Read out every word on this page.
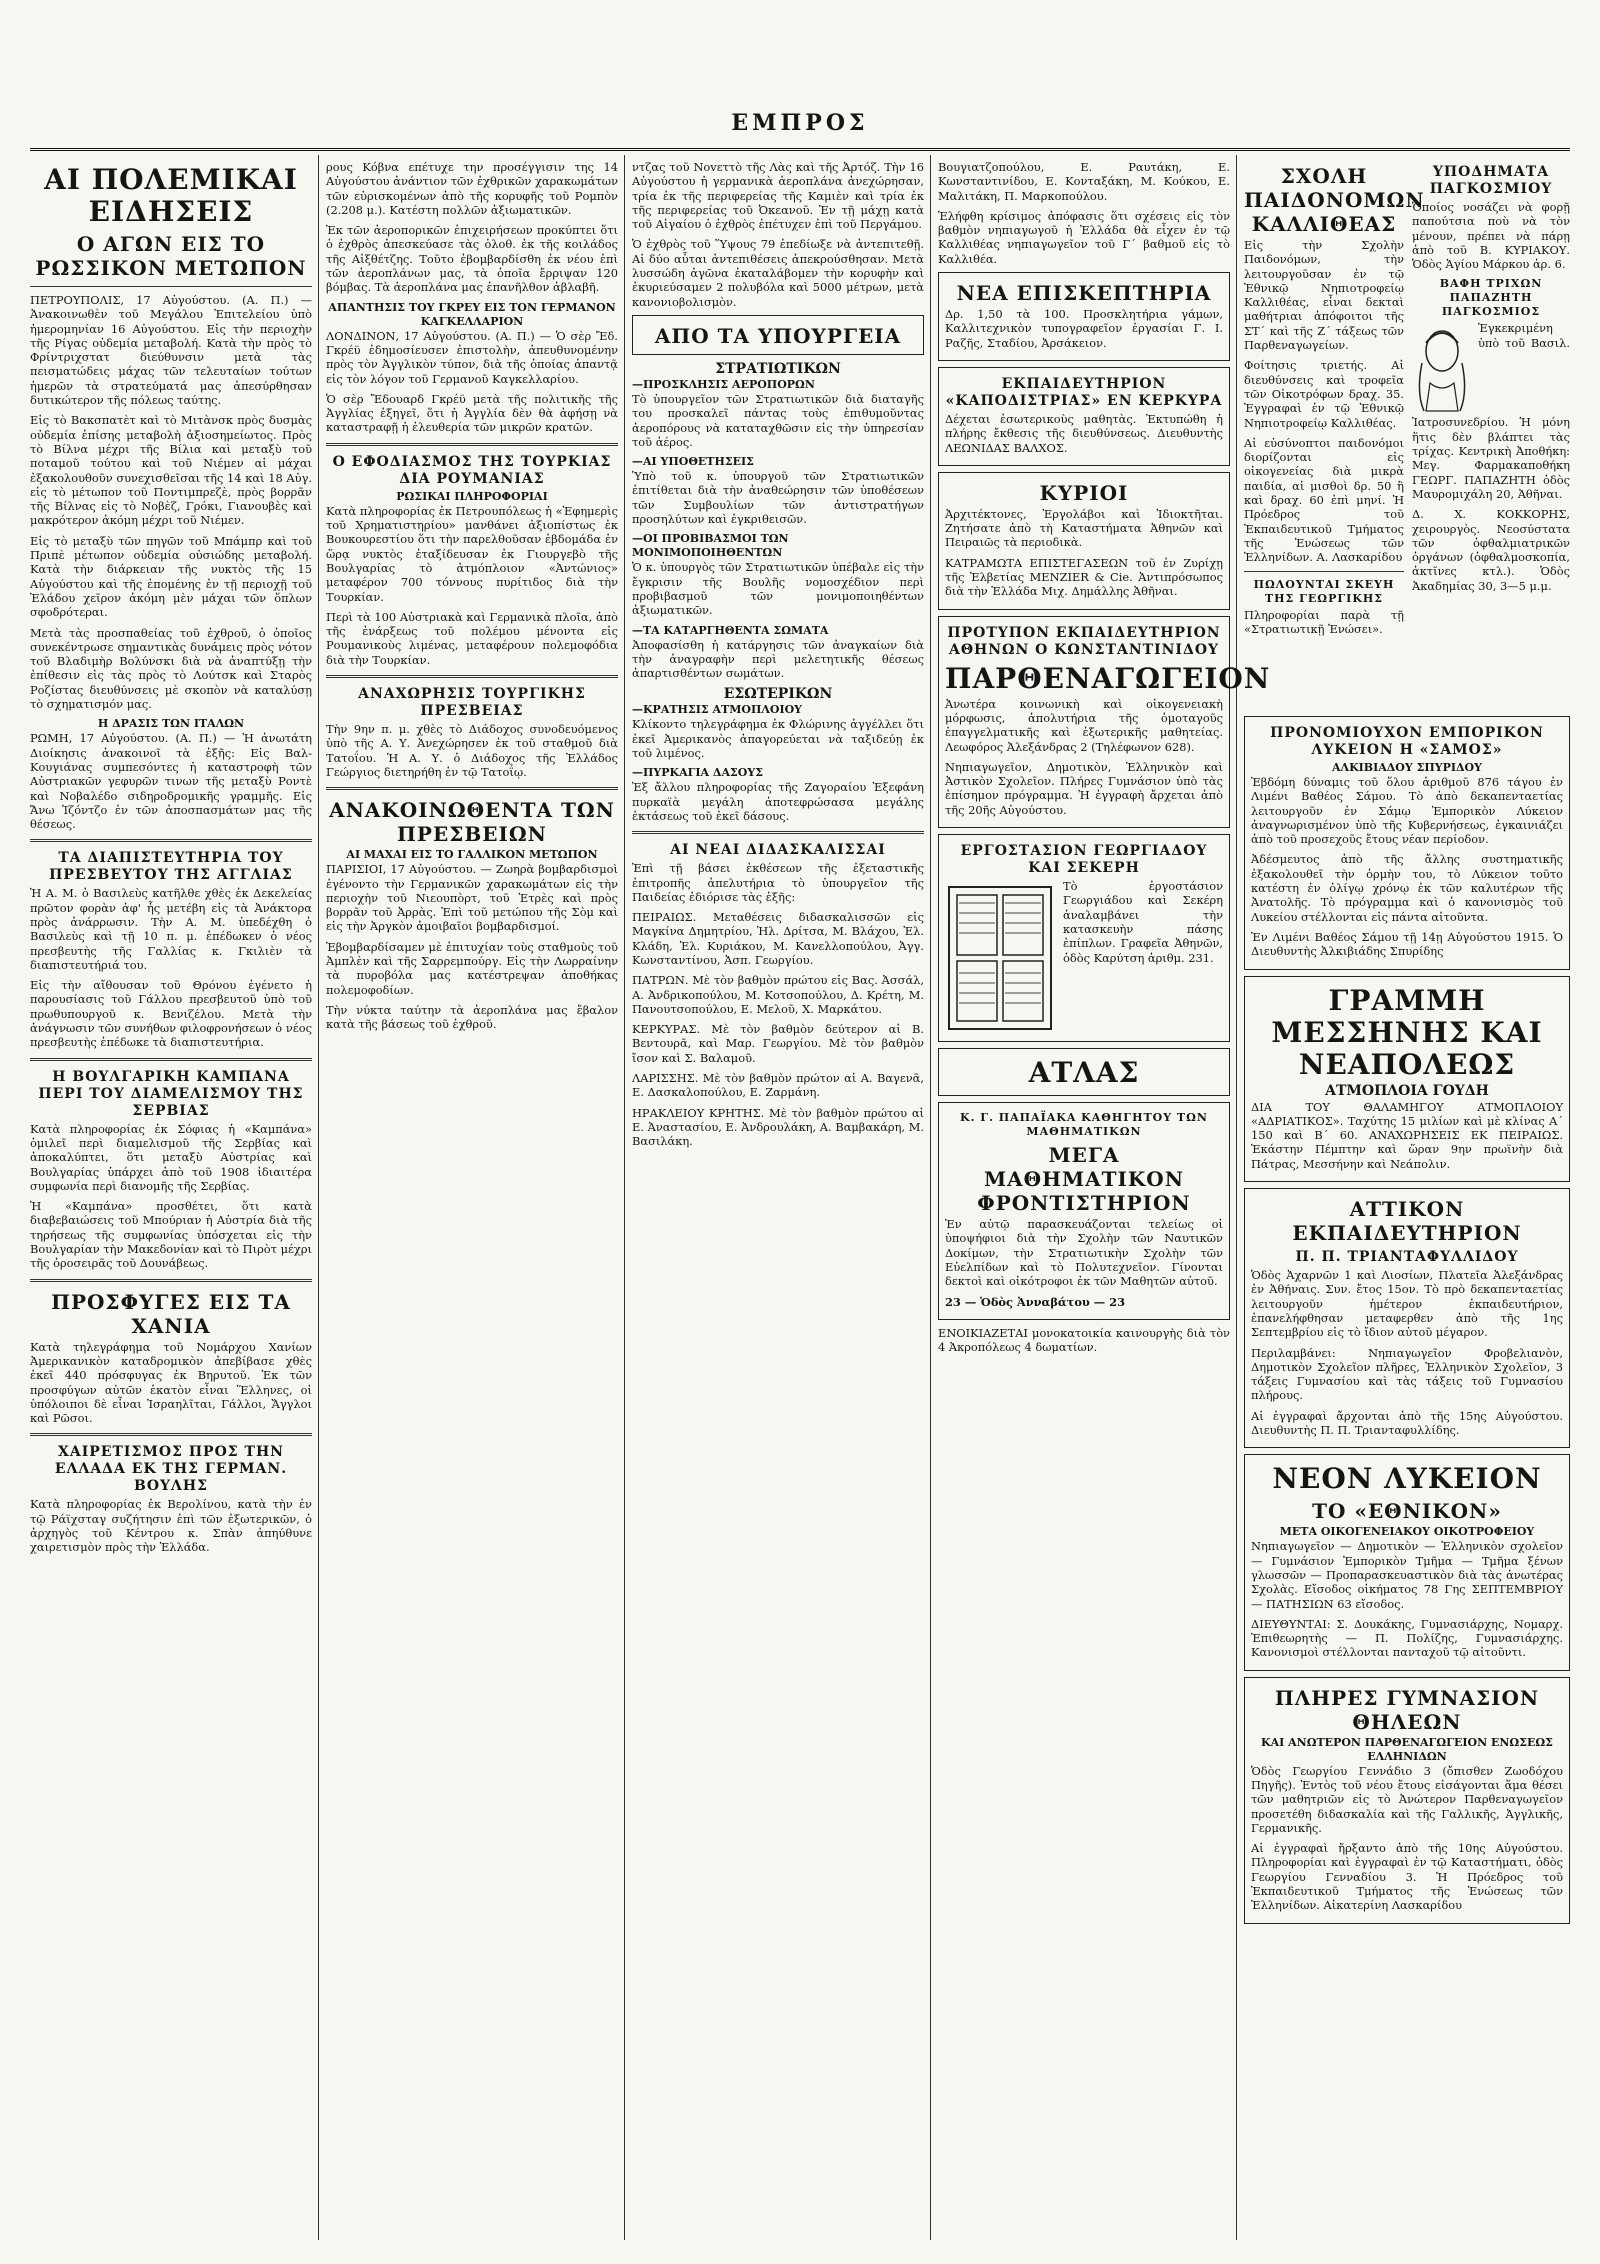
ΕΜΠΡΟΣ
ΑΙ ΠΟΛΕΜΙΚΑΙ ΕΙΔΗΣΕΙΣ
Ο ΑΓΩΝ ΕΙΣ ΤΟ ΡΩΣΣΙΚΟΝ ΜΕΤΩΠΟΝ

ΠΕΤΡΟΥΠΟΛΙΣ, 17 Αὐγούστου. (Α. Π.) — Ἀνακοινωθὲν τοῦ Μεγάλου Ἐπιτελείου ὑπὸ ἡμερομηνίαν 16 Αὐγούστου. Εἰς τὴν περιοχὴν τῆς Ρίγας οὐδεμία μεταβολή. Κατὰ τὴν πρὸς τὸ Φρίντριχστατ διεύθυνσιν μετὰ τὰς πεισματώδεις μάχας τῶν τελευταίων τούτων ἡμερῶν τὰ στρατεύματά μας ἀπεσύρθησαν δυτικώτερον τῆς πόλεως ταύτης.

Εἰς τὸ Βακσπατὲτ καὶ τὸ Μιτὰνσκ πρὸς δυσμὰς οὐδεμία ἐπίσης μεταβολὴ ἀξιοσημείωτος. Πρὸς τὸ Βίλνα μέχρι τῆς Βίλια καὶ μεταξὺ τοῦ ποταμοῦ τούτου καὶ τοῦ Νιέμεν αἱ μάχαι ἐξακολουθοῦν συνεχισθεῖσαι τῆς 14 καὶ 18 Αὐγ. εἰς τὸ μέτωπον τοῦ Ποντιμπρεζὲ, πρὸς βορρᾶν τῆς Βίλνας εἰς τὸ Νοβὲζ, Γρόκι, Γιανουβὲς καὶ μακρότερον ἀκόμη μέχρι τοῦ Νιέμεν.

Εἰς τὸ μεταξὺ τῶν πηγῶν τοῦ Μπάμπρ καὶ τοῦ Πριπὲ μέτωπον οὐδεμία οὐσιώδης μεταβολή. Κατὰ τὴν διάρκειαν τῆς νυκτὸς τῆς 15 Αὐγούστου καὶ τῆς ἐπομένης ἐν τῇ περιοχῇ τοῦ Ἐλάδου χεῖρον ἀκόμη μὲν μάχαι τῶν ὅπλων σφοδρότεραι.

Μετὰ τὰς προσπαθείας τοῦ ἐχθροῦ, ὁ ὁποῖος συνεκέντρωσε σημαντικὰς δυνάμεις πρὸς νότον τοῦ Βλαδιμὴρ Βολύνσκι διὰ νὰ ἀναπτύξῃ τὴν ἐπίθεσιν εἰς τὰς πρὸς τὸ Λούτσκ καὶ Σταρὸς Ροζίστας διευθύνσεις μὲ σκοπὸν νὰ καταλύσῃ τὸ σχηματισμόν μας.

Η ΔΡΑΣΙΣ ΤΩΝ ΙΤΑΛΩΝ

ΡΩΜΗ, 17 Αὐγούστου. (Α. Π.) — Ἡ ἀνωτάτη Διοίκησις ἀνακοινοῖ τὰ ἑξῆς: Εἰς Βαλ-Κουγιάνας συμπεσόντες ἡ καταστροφὴ τῶν Αὐστριακῶν γεφυρῶν τινων τῆς μεταξὺ Ροντὲ καὶ Νοβαλέδο σιδηροδρομικῆς γραμμῆς. Εἰς Ἄνω Ἰζόντζο ἐν τῶν ἀποσπασμάτων μας τῆς θέσεως.

ΤΑ ΔΙΑΠΙΣΤΕΥΤΗΡΙΑ ΤΟΥ ΠΡΕΣΒΕΥΤΟΥ ΤΗΣ ΑΓΓΛΙΑΣ

Ἡ Α. Μ. ὁ Βασιλεὺς κατῆλθε χθὲς ἐκ Δεκελείας πρῶτον φορὰν ἀφ' ἧς μετέβη εἰς τὰ Ἀνάκτορα πρὸς ἀνάρρωσιν. Τὴν Α. Μ. ὑπεδέχθη ὁ Βασιλεὺς καὶ τῇ 10 π. μ. ἐπέδωκεν ὁ νέος πρεσβευτὴς τῆς Γαλλίας κ. Γκιλιὲν τὰ διαπιστευτήριά του.

Εἰς τὴν αἴθουσαν τοῦ Θρόνου ἐγένετο ἡ παρουσίασις τοῦ Γάλλου πρεσβευτοῦ ὑπὸ τοῦ πρωθυπουργοῦ κ. Βενιζέλου. Μετὰ τὴν ἀνάγνωσιν τῶν συνήθων φιλοφρονήσεων ὁ νέος πρεσβευτὴς ἐπέδωκε τὰ διαπιστευτήρια.

Η ΒΟΥΛΓΑΡΙΚΗ ΚΑΜΠΑΝΑ ΠΕΡΙ ΤΟΥ ΔΙΑΜΕΛΙΣΜΟΥ ΤΗΣ ΣΕΡΒΙΑΣ

Κατὰ πληροφορίας ἐκ Σόφιας ἡ «Καμπάνα» ὁμιλεῖ περὶ διαμελισμοῦ τῆς Σερβίας καὶ ἀποκαλύπτει, ὅτι μεταξὺ Αὐστρίας καὶ Βουλγαρίας ὑπάρχει ἀπὸ τοῦ 1908 ἰδιαιτέρα συμφωνία περὶ διανομῆς τῆς Σερβίας.

Ἡ «Καμπάνα» προσθέτει, ὅτι κατὰ διαβεβαιώσεις τοῦ Μπούριαν ἡ Αὐστρία διὰ τῆς τηρήσεως τῆς συμφωνίας ὑπόσχεται εἰς τὴν Βουλγαρίαν τὴν Μακεδονίαν καὶ τὸ Πιρὸτ μέχρι τῆς ὀροσειρᾶς τοῦ Δουνάβεως.

ΠΡΟΣΦΥΓΕΣ ΕΙΣ ΤΑ ΧΑΝΙΑ

Κατὰ τηλεγράφημα τοῦ Νομάρχου Χανίων Ἀμερικανικὸν καταδρομικὸν ἀπεβίβασε χθὲς ἐκεῖ 440 πρόσφυγας ἐκ Βηρυτοῦ. Ἐκ τῶν προσφύγων αὐτῶν ἑκατὸν εἶναι Ἕλληνες, οἱ ὑπόλοιποι δὲ εἶναι Ἰσραηλῖται, Γάλλοι, Ἄγγλοι καὶ Ρῶσοι.

ΧΑΙΡΕΤΙΣΜΟΣ ΠΡΟΣ ΤΗΝ ΕΛΛΑΔΑ ΕΚ ΤΗΣ ΓΕΡΜΑΝ. ΒΟΥΛΗΣ

Κατὰ πληροφορίας ἐκ Βερολίνου, κατὰ τὴν ἐν τῷ Ράϊχσταγ συζήτησιν ἐπὶ τῶν ἐξωτερικῶν, ὁ ἀρχηγὸς τοῦ Κέντρου κ. Σπὰν ἀπηύθυνε χαιρετισμὸν πρὸς τὴν Ἑλλάδα.

ρους Κόβνα επέτυχε την προσέγγισιν της 14 Αὐγούστου ἀνάντιον τῶν ἐχθρικῶν χαρακωμάτων τῶν εὑρισκομένων ἀπὸ τῆς κορυφῆς τοῦ Ρομπὸν (2.208 μ.). Κατέστη πολλῶν ἀξιωματικῶν.

Ἐκ τῶν ἀεροπορικῶν ἐπιχειρήσεων προκύπτει ὅτι ὁ ἐχθρὸς ἀπεσκεύασε τὰς ὁλοθ. ἐκ τῆς κοιλάδος τῆς Αἰξθέτζης. Τοῦτο ἐβομβαρδίσθη ἐκ νέου ἐπὶ τῶν ἀεροπλάνων μας, τὰ ὁποῖα ἔρριψαν 120 βόμβας. Τὰ ἀεροπλάνα μας ἐπανῆλθον ἀβλαβῆ.

ΑΠΑΝΤΗΣΙΣ ΤΟΥ ΓΚΡΕΥ ΕΙΣ ΤΟΝ ΓΕΡΜΑΝΟΝ ΚΑΓΚΕΛΛΑΡΙΟΝ

ΛΟΝΔΙΝΟΝ, 17 Αὐγούστου. (Α. Π.) — Ὁ σὲρ Ἔδ. Γκρέϋ ἐδημοσίευσεν ἐπιστολὴν, ἀπευθυνομένην πρὸς τὸν Ἀγγλικὸν τύπον, διὰ τῆς ὁποίας ἀπαντᾷ εἰς τὸν λόγον τοῦ Γερμανοῦ Καγκελλαρίου.

Ὁ σὲρ Ἔδουαρδ Γκρέϋ μετὰ τῆς πολιτικῆς τῆς Ἀγγλίας ἐξηγεῖ, ὅτι ἡ Ἀγγλία δὲν θὰ ἀφήσῃ νὰ καταστραφῇ ἡ ἐλευθερία τῶν μικρῶν κρατῶν.

Ο ΕΦΟΔΙΑΣΜΟΣ ΤΗΣ ΤΟΥΡΚΙΑΣ ΔΙΑ ΡΟΥΜΑΝΙΑΣ
ΡΩΣΙΚΑΙ ΠΛΗΡΟΦΟΡΙΑΙ

Κατὰ πληροφορίας ἐκ Πετρουπόλεως ἡ «Ἐφημερὶς τοῦ Χρηματιστηρίου» μανθάνει ἀξιοπίστως ἐκ Βουκουρεστίου ὅτι τὴν παρελθοῦσαν ἑβδομάδα ἐν ὥρᾳ νυκτὸς ἐταξίδευσαν ἐκ Γιουργεβὸ τῆς Βουλγαρίας τὸ ἀτμόπλοιον «Ἀντώνιος» μεταφέρον 700 τόννους πυρίτιδος διὰ τὴν Τουρκίαν.

Περὶ τὰ 100 Αὐστριακὰ καὶ Γερμανικὰ πλοῖα, ἀπὸ τῆς ἐνάρξεως τοῦ πολέμου μένοντα εἰς Ρουμανικοὺς λιμένας, μεταφέρουν πολεμοφόδια διὰ τὴν Τουρκίαν.

ΑΝΑΧΩΡΗΣΙΣ ΤΟΥΡΓΙΚΗΣ ΠΡΕΣΒΕΙΑΣ

Τὴν 9ην π. μ. χθὲς τὸ Διάδοχος συνοδευόμενος ὑπὸ τῆς Α. Υ. Ἀνεχώρησεν ἐκ τοῦ σταθμοῦ διὰ Τατοΐου. Ἡ Α. Υ. ὁ Διάδοχος τῆς Ἑλλάδος Γεώργιος διετηρήθη ἐν τῷ Τατοΐῳ.

ΑΝΑΚΟΙΝΩΘΕΝΤΑ ΤΩΝ ΠΡΕΣΒΕΙΩΝ
ΑΙ ΜΑΧΑΙ ΕΙΣ ΤΟ ΓΑΛΛΙΚΟΝ ΜΕΤΩΠΟΝ

ΠΑΡΙΣΙΟΙ, 17 Αὐγούστου. — Ζωηρὰ βομβαρδισμοὶ ἐγένοντο τὴν Γερμανικῶν χαρακωμάτων εἰς τὴν περιοχὴν τοῦ Νιεουπὸρτ, τοῦ Ἐτρὲς καὶ πρὸς βορρᾶν τοῦ Ἀρρὰς. Ἐπὶ τοῦ μετώπου τῆς Σὸμ καὶ εἰς τὴν Ἀργκὸν ἀμοιβαῖοι βομβαρδισμοί.

Ἐβομβαρδίσαμεν μὲ ἐπιτυχίαν τοὺς σταθμοὺς τοῦ Ἀμπλὲν καὶ τῆς Σαρρεμπούργ. Εἰς τὴν Λωρραίνην τὰ πυροβόλα μας κατέστρεψαν ἀποθήκας πολεμοφοδίων.

Τὴν νύκτα ταύτην τὰ ἀεροπλάνα μας ἔβαλον κατὰ τῆς βάσεως τοῦ ἐχθροῦ.

ντζας τοῦ Νοvεττὸ τῆς Λὰς καὶ τῆς Ἀρτόζ. Τὴν 16 Αὐγούστου ἡ γερμανικὰ ἀεροπλάνα ἀνεχώρησαν, τρία ἐκ τῆς περιφερείας τῆς Καμιὲν καὶ τρία ἐκ τῆς περιφερείας τοῦ Ὀκεανοῦ. Ἐν τῇ μάχῃ κατὰ τοῦ Αἰγαίου ὁ ἐχθρὸς ἐπέτυχεν ἐπὶ τοῦ Περγάμου.

Ὁ ἐχθρὸς τοῦ Ὕψους 79 ἐπεδίωξε νὰ ἀντεπιτεθῇ. Αἱ δύο αὗται ἀντεπιθέσεις ἀπεκρούσθησαν. Μετὰ λυσσώδη ἀγῶνα ἐκαταλάβομεν τὴν κορυφὴν καὶ ἐκυριεύσαμεν 2 πολυβόλα καὶ 5000 μέτρων, μετὰ κανονιοβολισμὸν.

ΑΠΟ ΤΑ ΥΠΟΥΡΓΕΙΑ
ΣΤΡΑΤΙΩΤΙΚΩΝ
—ΠΡΟΣΚΛΗΣΙΣ ΑΕΡΟΠΟΡΩΝ

Τὸ ὑπουργεῖον τῶν Στρατιωτικῶν διὰ διαταγῆς του προσκαλεῖ πάντας τοὺς ἐπιθυμοῦντας ἀεροπόρους νὰ καταταχθῶσιν εἰς τὴν ὑπηρεσίαν τοῦ ἀέρος.

—ΑΙ ΥΠΟΘΕΤΗΣΕΙΣ

Ὑπὸ τοῦ κ. ὑπουργοῦ τῶν Στρατιωτικῶν ἐπιτίθεται διὰ τὴν ἀναθεώρησιν τῶν ὑποθέσεων τῶν Συμβουλίων τῶν ἀντιστρατήγων προσηλύτων καὶ ἐγκριθεισῶν.

—ΟΙ ΠΡΟΒΙΒΑΣΜΟΙ ΤΩΝ ΜΟΝΙΜΟΠΟΙΗΘΕΝΤΩΝ

Ὁ κ. ὑπουργὸς τῶν Στρατιωτικῶν ὑπέβαλε εἰς τὴν ἔγκρισιν τῆς Βουλῆς νομοσχέδιον περὶ προβιβασμοῦ τῶν μονιμοποιηθέντων ἀξιωματικῶν.

—ΤΑ ΚΑΤΑΡΓΗΘΕΝΤΑ ΣΩΜΑΤΑ

Ἀποφασίσθη ἡ κατάργησις τῶν ἀναγκαίων διὰ τὴν ἀναγραφὴν περὶ μελετητικῆς θέσεως ἀπαρτισθέντων σωμάτων.

ΕΣΩΤΕΡΙΚΩΝ
—ΚΡΑΤΗΣΙΣ ΑΤΜΟΠΛΟΙΟΥ

Κλίκοντο τηλεγράφημα ἐκ Φλώρινης ἀγγέλλει ὅτι ἐκεῖ Ἀμερικανὸς ἀπαγορεύεται νὰ ταξιδεύῃ ἐκ τοῦ λιμένος.

—ΠΥΡΚΑΓΙΑ ΔΑΣΟΥΣ

Ἐξ ἄλλου πληροφορίας τῆς Ζαγοραίου Ἐξεφάνη πυρκαϊὰ μεγάλη ἀποτεφρώσασα μεγάλης ἐκτάσεως τοῦ ἐκεῖ δάσους.

ΑΙ ΝΕΑΙ ΔΙΔΑΣΚΑΛΙΣΣΑΙ

Ἐπὶ τῇ βάσει ἐκθέσεων τῆς ἐξεταστικῆς ἐπιτροπῆς ἀπελυτήρια τὸ ὑπουργεῖον τῆς Παιδείας ἐδιόρισε τὰς ἑξῆς:

ΠΕΙΡΑΙΩΣ. Μεταθέσεις διδασκαλισσῶν εἰς Μαγκίνα Δημητρίου, Ἠλ. Δρίτσα, Μ. Βλάχου, Ἐλ. Κλάδη, Ἑλ. Κυριάκου, Μ. Κανελλοπούλου, Ἀγγ. Κωνσταντίνου, Ἀσπ. Γεωργίου.

ΠΑΤΡΩΝ. Μὲ τὸν βαθμὸν πρώτου εἰς Βας. Ἀσσάλ, Α. Ἀνδρικοπούλου, Μ. Κοτσοπούλου, Δ. Κρέτη, Μ. Πανουτσοπούλου, Ε. Μελοῦ, Χ. Μαρκάτου.

ΚΕΡΚΥΡΑΣ. Μὲ τὸν βαθμὸν δεύτερον αἱ Β. Βεντουρᾶ, καὶ Μαρ. Γεωργίου. Μὲ τὸν βαθμὸν ἴσον καὶ Σ. Βαλαμοῦ.

ΛΑΡΙΣΣΗΣ. Μὲ τὸν βαθμὸν πρώτον αἱ Α. Βαγενᾶ, Ε. Δασκαλοπούλου, Ε. Ζαρμάνη.

ΗΡΑΚΛΕΙΟΥ ΚΡΗΤΗΣ. Μὲ τὸν βαθμὸν πρώτου αἱ Ε. Ἀναστασίου, Ε. Ἀνδρουλάκη, Α. Βαμβακάρη, Μ. Βασιλάκη.

Βουγιατζοπούλου, Ε. Ραυτάκη, Ε. Κωνσταντινίδου, Ε. Κονταξάκη, Μ. Κούκου, Ε. Μαλιτάκη, Π. Μαρκοπούλου.

Ἐλήφθη κρίσιμος ἀπόφασις ὅτι σχέσεις εἰς τὸν βαθμὸν νηπιαγωγοῦ ἡ Ἐλλάδα θὰ εἶχεν ἐν τῷ Καλλιθέας νηπιαγωγεῖον τοῦ Γ΄ βαθμοῦ εἰς τὸ Καλλιθέα.

ΝΕΑ ΕΠΙΣΚΕΠΤΗΡΙΑ

Δρ. 1,50 τὰ 100. Προσκλητήρια γάμων, Καλλιτεχνικὸν τυπογραφεῖον ἐργασίαι Γ. Ι. Ραζῆς, Σταδίου, Ἀρσάκειον.

ΕΚΠΑΙΔΕΥΤΗΡΙΟΝ «ΚΑΠΟΔΙΣΤΡΙΑΣ» ΕΝ ΚΕΡΚΥΡΑ

Δέχεται ἐσωτερικοὺς μαθητὰς. Ἐκτυπώθη ἡ πλήρης ἔκθεσις τῆς διευθύνσεως. Διευθυντὴς ΛΕΩΝΙΔΑΣ ΒΑΛΧΟΣ.

ΚΥΡΙΟΙ

Ἀρχιτέκτονες, Ἐργολάβοι καὶ Ἰδιοκτῆται. Ζητήσατε ἀπὸ τὴ Καταστήματα Ἀθηνῶν καὶ Πειραιῶς τὰ περιοδικὰ.

ΚΑΤΡΑΜΩΤΑ ΕΠΙΣΤΕΓΑΣΕΩΝ τοῦ ἐν Ζυρίχῃ τῆς Ἑλβετίας ΜΕΝΖΙΕR & Cie. Ἀντιπρόσωπος διὰ τὴν Ἑλλάδα Μιχ. Δημάλλης Ἀθῆναι.

ΠΡΟΤΥΠΟΝ ΕΚΠΑΙΔΕΥΤΗΡΙΟΝ ΑΘΗΝΩΝ Ο ΚΩΝΣΤΑΝΤΙΝΙΔΟΥ
ΠΑΡΘΕΝΑΓΩΓΕΙΟΝ

Ἀνωτέρα κοινωνικὴ καὶ οἰκογενειακὴ μόρφωσις, ἀπολυτήρια τῆς ὁμοταγοῦς ἐπαγγελματικῆς καὶ ἐξωτερικῆς μαθητείας. Λεωφόρος Ἀλεξάνδρας 2 (Τηλέφωνον 628).

Νηπιαγωγεῖον, Δημοτικὸν, Ἑλληνικὸν καὶ Ἀστικὸν Σχολεῖον. Πλήρες Γυμνάσιον ὑπὸ τὰς ἐπίσημον πρόγραμμα. Ἡ ἐγγραφὴ ἄρχεται ἀπὸ τῆς 20ῆς Αὐγούστου.

ΕΡΓΟΣΤΑΣΙΟΝ ΓΕΩΡΓΙΑΔΟΥ ΚΑΙ ΣΕΚΕΡΗ

Τὸ ἐργοστάσιον Γεωργιάδου καὶ Σεκέρη ἀναλαμβάνει τὴν κατασκευὴν πάσης ἐπίπλων. Γραφεῖα Ἀθηνῶν, ὁδὸς Καρύτση ἀριθμ. 231.

ΑΤΛΑΣ
Κ. Γ. ΠΑΠΑΪΑΚΑ ΚΑΘΗΓΗΤΟΥ ΤΩΝ ΜΑΘΗΜΑΤΙΚΩΝ
ΜΕΓΑ ΜΑΘΗΜΑΤΙΚΟΝ ΦΡΟΝΤΙΣΤΗΡΙΟΝ

Ἐν αὐτῷ παρασκευάζονται τελείως οἱ ὑποψήφιοι διὰ τὴν Σχολὴν τῶν Ναυτικῶν Δοκίμων, τὴν Στρατιωτικὴν Σχολὴν τῶν Εὐελπίδων καὶ τὸ Πολυτεχνεῖον. Γίνονται δεκτοὶ καὶ οἰκότροφοι ἐκ τῶν Μαθητῶν αὐτοῦ.

23 — Ὁδὸς Ἀνναβάτου — 23

ΕΝΟΙΚΙΑΖΕΤΑΙ μονοκατοικία καινουργὴς διὰ τὸν 4 Ἀκροπόλεως 4 δωματίων.

ΣΧΟΛΗ ΠΑΙΔΟΝΟΜΩΝ ΚΑΛΛΙΘΕΑΣ

Εἰς τὴν Σχολὴν Παιδονόμων, τὴν λειτουργοῦσαν ἐν τῷ Ἐθνικῷ Νηπιοτροφείῳ Καλλιθέας, εἶναι δεκταὶ μαθήτριαι ἀπόφοιτοι τῆς ΣΤ΄ καὶ τῆς Ζ΄ τάξεως τῶν Παρθεναγωγείων.

Φοίτησις τριετής. Αἱ διευθύνσεις καὶ τροφεῖα τῶν Οἰκοτρόφων δραχ. 35. Ἐγγραφαὶ ἐν τῷ Ἐθνικῷ Νηπιοτροφείῳ Καλλιθέας.

Αἱ εὐσύνοπτοι παιδονόμοι διορίζονται εἰς οἰκογενείας διὰ μικρὰ παιδία, αἱ μισθοὶ δρ. 50 ἢ καὶ δραχ. 60 ἐπὶ μηνί. Ἡ Πρόεδρος τοῦ Ἐκπαιδευτικοῦ Τμήματος τῆς Ἑνώσεως τῶν Ἑλληνίδων. Α. Λασκαρίδου

ΠΩΛΟΥΝΤΑΙ ΣΚΕΥΗ ΤΗΣ ΓΕΩΡΓΙΚΗΣ

Πληροφορίαι παρὰ τῇ «Στρατιωτικῇ Ἐνώσει».

ΥΠΟΔΗΜΑΤΑ ΠΑΓΚΟΣΜΙΟΥ

Ὁποίος νοσάζει νὰ φορῇ παπούτσια ποὺ νὰ τὸν μένουν, πρέπει νὰ πάρῃ ἀπὸ τοῦ Β. ΚΥΡΙΑΚΟΥ. Ὁδὸς Ἁγίου Μάρκου ἀρ. 6.

ΒΑΦΗ ΤΡΙΧΩΝ ΠΑΠΑΖΗΤΗ ΠΑΓΚΟΣΜΙΟΣ

Ἐγκεκριμένη ὑπὸ τοῦ Βασιλ. Ἰατροσυνεδρίου. Ἡ μόνη ἥτις δὲν βλάπτει τὰς τρίχας. Κεντρικὴ Ἀποθήκη: Μεγ. Φαρμακαποθήκη ΓΕΩΡΓ. ΠΑΠΑΖΗΤΗ ὁδὸς Μαυρομιχάλη 20, Ἀθῆναι.

Δ. Χ. ΚΟΚΚΟΡΗΣ, χειρουργὸς. Νεοσύστατα τῶν ὀφθαλμιατρικῶν ὀργάνων (ὀφθαλμοσκοπία, ἀκτῖνες κτλ.). Ὁδὸς Ἀκαδημίας 30, 3—5 μ.μ.

ΠΡΟΝΟΜΙΟΥΧΟΝ ΕΜΠΟΡΙΚΟΝ ΛΥΚΕΙΟΝ Η «ΣΑΜΟΣ»
ΑΛΚΙΒΙΑΔΟΥ ΣΠΥΡΙΔΟΥ

Ἐβδόμη δύναμις τοῦ ὅλου ἀριθμοῦ 876 τάγου ἐν Λιμένι Βαθέος Σάμου. Τὸ ἀπὸ δεκαπενταετίας λειτουργοῦν ἐν Σάμῳ Ἐμπορικὸν Λύκειον ἀναγνωρισμένον ὑπὸ τῆς Κυβερνήσεως, ἐγκαινιάζει ἀπὸ τοῦ προσεχοῦς ἔτους νέαν περίοδον.

Ἀδέσμευτος ἀπὸ τῆς ἄλλης συστηματικῆς ἐξακολουθεῖ τὴν ὁρμὴν του, τὸ Λύκειον τοῦτο κατέστη ἐν ὀλίγῳ χρόνῳ ἐκ τῶν καλυτέρων τῆς Ἀνατολῆς. Τὸ πρόγραμμα καὶ ὁ κανονισμὸς τοῦ Λυκείου στέλλονται εἰς πάντα αἰτοῦντα.

Ἐν Λιμένι Βαθέος Σάμου τῇ 14ῃ Αὐγούστου 1915. Ὁ Διευθυντὴς Ἀλκιβιάδης Σπυρίδης

ΓΡΑΜΜΗ ΜΕΣΣΗΝΗΣ ΚΑΙ ΝΕΑΠΟΛΕΩΣ
ΑΤΜΟΠΛΟΙΑ ΓΟΥΔΗ

ΔΙΑ ΤΟΥ ΘΑΛΑΜΗΓΟΥ ΑΤΜΟΠΛΟΙΟΥ «ΑΔΡΙΑΤΙΚΟΣ». Ταχύτης 15 μιλίων καὶ μὲ κλίνας Α΄ 150 καὶ Β΄ 60. ΑΝΑΧΩΡΗΣΕΙΣ ΕΚ ΠΕΙΡΑΙΩΣ. Ἑκάστην Πέμπτην καὶ ὥραν 9ην πρωϊνὴν διὰ Πάτρας, Μεσσήνην καὶ Νεάπολιν.

ΑΤΤΙΚΟΝ ΕΚΠΑΙΔΕΥΤΗΡΙΟΝ
Π. Π. ΤΡΙΑΝΤΑΦΥΛΛΙΔΟΥ

Ὁδὸς Ἀχαρνῶν 1 καὶ Λιοσίων, Πλατεῖα Ἀλεξάνδρας ἐν Ἀθήναις. Συν. ἔτος 15ον. Τὸ πρὸ δεκαπενταετίας λειτουργοῦν ἡμέτερον ἐκπαιδευτήριον, ἐπανελήφθησαν μεταφερθεν ἀπὸ τῆς 1ης Σεπτεμβρίου εἰς τὸ ἴδιον αὐτοῦ μέγαρον.

Περιλαμβάνει: Νηπιαγωγεῖον Φροβελιανὸν, Δημοτικὸν Σχολεῖον πλῆρες, Ἑλληνικὸν Σχολεῖον, 3 τάξεις Γυμνασίου καὶ τὰς τάξεις τοῦ Γυμνασίου πλήρους.

Αἱ ἐγγραφαὶ ἄρχονται ἀπὸ τῆς 15ης Αὐγούστου. Διευθυντὴς Π. Π. Τριανταφυλλίδης.

ΝΕΟΝ ΛΥΚΕΙΟΝ
ΤΟ «ΕΘΝΙΚΟΝ»
ΜΕΤΑ ΟΙΚΟΓΕΝΕΙΑΚΟΥ ΟΙΚΟΤΡΟΦΕΙΟΥ

Νηπιαγωγεῖον — Δημοτικὸν — Ἑλληνικὸν σχολεῖον — Γυμνάσιον Ἐμπορικὸν Τμῆμα — Τμῆμα ξένων γλωσσῶν — Προπαρασκευαστικὸν διὰ τὰς ἀνωτέρας Σχολὰς. Εἴσοδος οἰκήματος 78 Γης ΣΕΠΤΕΜΒΡΙΟΥ — ΠΑΤΗΣΙΩΝ 63 εἴσοδος.

ΔΙΕΥΘΥΝΤΑΙ: Σ. Δουκάκης, Γυμνασιάρχης, Νομαρχ. Ἐπιθεωρητὴς — Π. Πολίζης, Γυμνασιάρχης. Κανονισμοὶ στέλλονται πανταχοῦ τῷ αἰτοῦντι.

ΠΛΗΡΕΣ ΓΥΜΝΑΣΙΟΝ ΘΗΛΕΩΝ
ΚΑΙ ΑΝΩΤΕΡΟΝ ΠΑΡΘΕΝΑΓΩΓΕΙΟΝ ΕΝΩΣΕΩΣ ΕΛΛΗΝΙΔΩΝ

Ὁδὸς Γεωργίου Γεννάδιο 3 (ὄπισθεν Ζωοδόχου Πηγῆς). Ἐντὸς τοῦ νέου ἔτους εἰσάγονται ἅμα θέσει τῶν μαθητριῶν εἰς τὸ Ἀνώτερον Παρθεναγωγεῖον προσετέθη διδασκαλία καὶ τῆς Γαλλικῆς, Ἀγγλικῆς, Γερμανικῆς.

Αἱ ἐγγραφαὶ ἤρξαντο ἀπὸ τῆς 10ης Αὐγούστου. Πληροφορίαι καὶ ἐγγραφαὶ ἐν τῷ Καταστήματι, ὁδὸς Γεωργίου Γενναδίου 3. Ἡ Πρόεδρος τοῦ Ἐκπαιδευτικοῦ Τμήματος τῆς Ἑνώσεως τῶν Ἑλληνίδων. Αἰκατερίνη Λασκαρίδου
